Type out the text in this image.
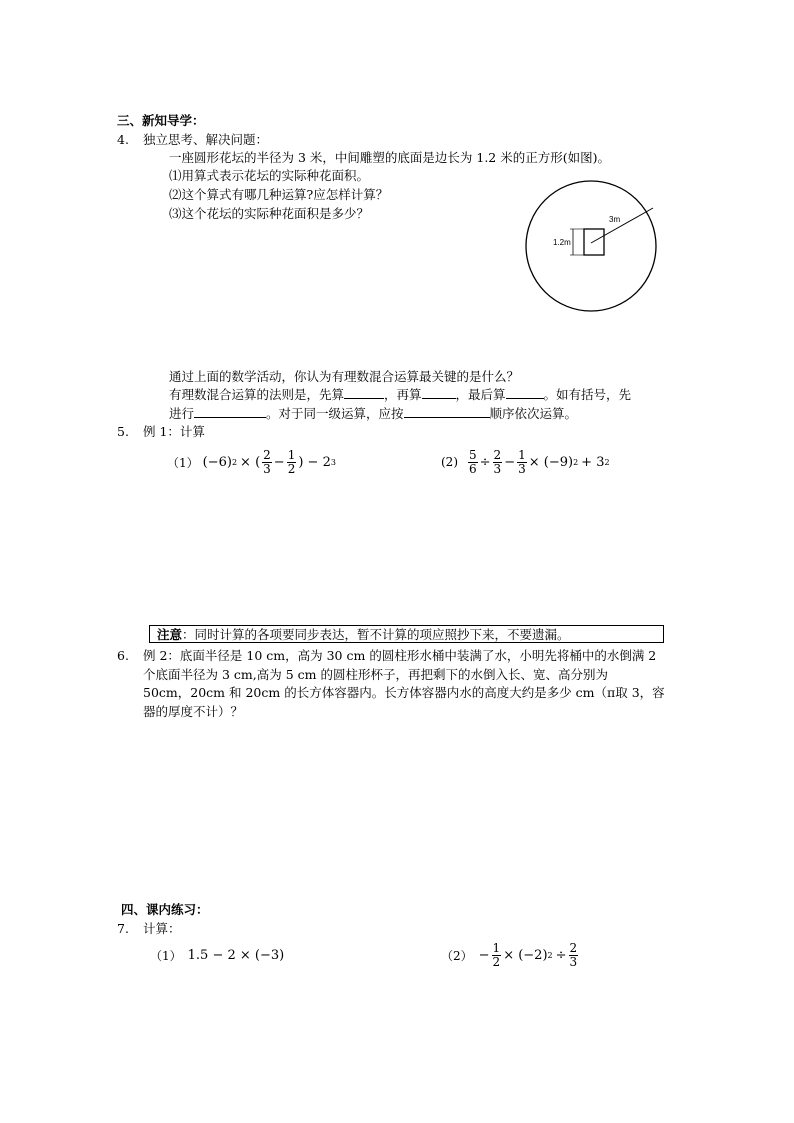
三、新知导学：
4. 独立思考、解决问题：
一座圆形花坛的半径为 3 米，中间雕塑的底面是边长为 1.2 米的正方形(如图)。
⑴用算式表示花坛的实际种花面积。
⑵这个算式有哪几种运算?应怎样计算？
⑶这个花坛的实际种花面积是多少？	3m
1.2m
通过上面的数学活动，你认为有理数混合运算最关键的是什么？
有理数混合运算的法则是，先算	，再算	，最后算	。如有括号，先
进行	。对于同一级运算，应按	顺序依次运算。
5. 例 1：计算
（1） (−6) 2 × ( $\frac{2}{3} - \frac{1}{2}$ ) − 2 3	$(2) \frac{5}{6} \div \frac{2}{3} - \frac{1}{3} \times (-9) 2 + 3$ 2
注意：同时计算的各项要同步表达，暂不计算的项应照抄下来，不要遗漏。
6. 例 2：底面半径是 10 cm，高为 30 cm 的圆柱形水桶中装满了水，小明先将桶中的水倒满 2
个底面半径为 3 cm,高为 5 cm 的圆柱形杯子，再把剩下的水倒入长、宽、高分别为
50cm，20cm 和 20cm 的长方体容器内。长方体容器内水的高度大约是多少 cm（π取 3，容
器的厚度不计）？
四、课内练习：
7. 计算：
（1） 1.5 − 2 × (−3)	$(2) - \frac{1}{2} \times (-2) 2 \div \frac{2}{3}$
